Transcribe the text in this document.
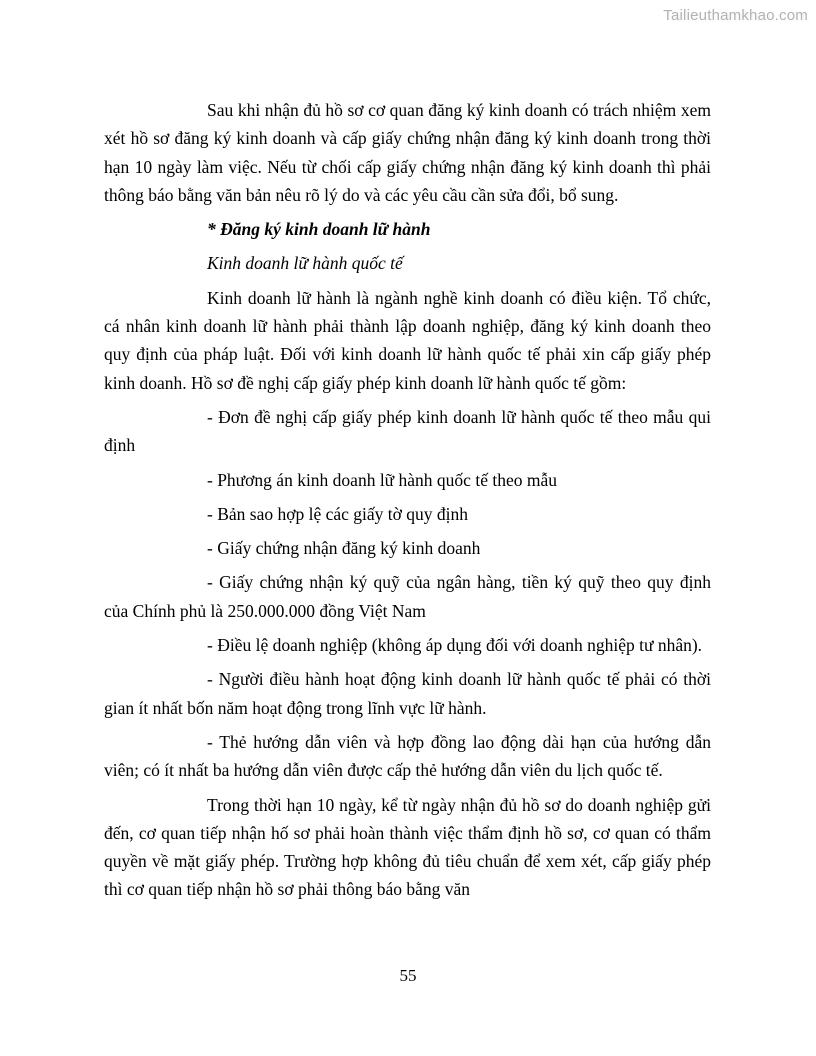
Tailieuthamkhao.com

Sau khi nhận đủ hồ sơ cơ quan đăng ký kinh doanh có trách nhiệm xem xét hồ sơ đăng ký kinh doanh và cấp giấy chứng nhận đăng ký kinh doanh trong thời hạn 10 ngày làm việc. Nếu từ chối cấp giấy chứng nhận đăng ký kinh doanh thì phải thông báo bằng văn bản nêu rõ lý do và các yêu cầu cần sửa đổi, bổ sung.

* Đăng ký kinh doanh lữ hành

Kinh doanh lữ hành quốc tế

Kinh doanh lữ hành là ngành nghề kinh doanh có điều kiện. Tổ chức, cá nhân kinh doanh lữ hành phải thành lập doanh nghiệp, đăng ký kinh doanh theo quy định của pháp luật. Đối với kinh doanh lữ hành quốc tế phải xin cấp giấy phép kinh doanh. Hồ sơ đề nghị cấp giấy phép kinh doanh lữ hành quốc tế gồm:

- Đơn đề nghị cấp giấy phép kinh doanh lữ hành quốc tế theo mẫu qui định

- Phương án kinh doanh lữ hành quốc tế theo mẫu

- Bản sao hợp lệ các giấy tờ quy định

- Giấy chứng nhận đăng ký kinh doanh

- Giấy chứng nhận ký quỹ của ngân hàng, tiền ký quỹ theo quy định của Chính phủ là 250.000.000 đồng Việt Nam

- Điều lệ doanh nghiệp (không áp dụng đối với doanh nghiệp tư nhân).

- Người điều hành hoạt động kinh doanh lữ hành quốc tế phải có thời gian ít nhất bốn năm hoạt động trong lĩnh vực lữ hành.

- Thẻ hướng dẫn viên và hợp đồng lao động dài hạn của hướng dẫn viên; có ít nhất ba hướng dẫn viên được cấp thẻ hướng dẫn viên du lịch quốc tế.

Trong thời hạn 10 ngày, kể từ ngày nhận đủ hồ sơ do doanh nghiệp gửi đến, cơ quan tiếp nhận hố sơ phải hoàn thành việc thẩm định hồ sơ, cơ quan có thẩm quyền về mặt giấy phép. Trường hợp không đủ tiêu chuẩn để xem xét, cấp giấy phép thì cơ quan tiếp nhận hồ sơ phải thông báo bằng văn

55
